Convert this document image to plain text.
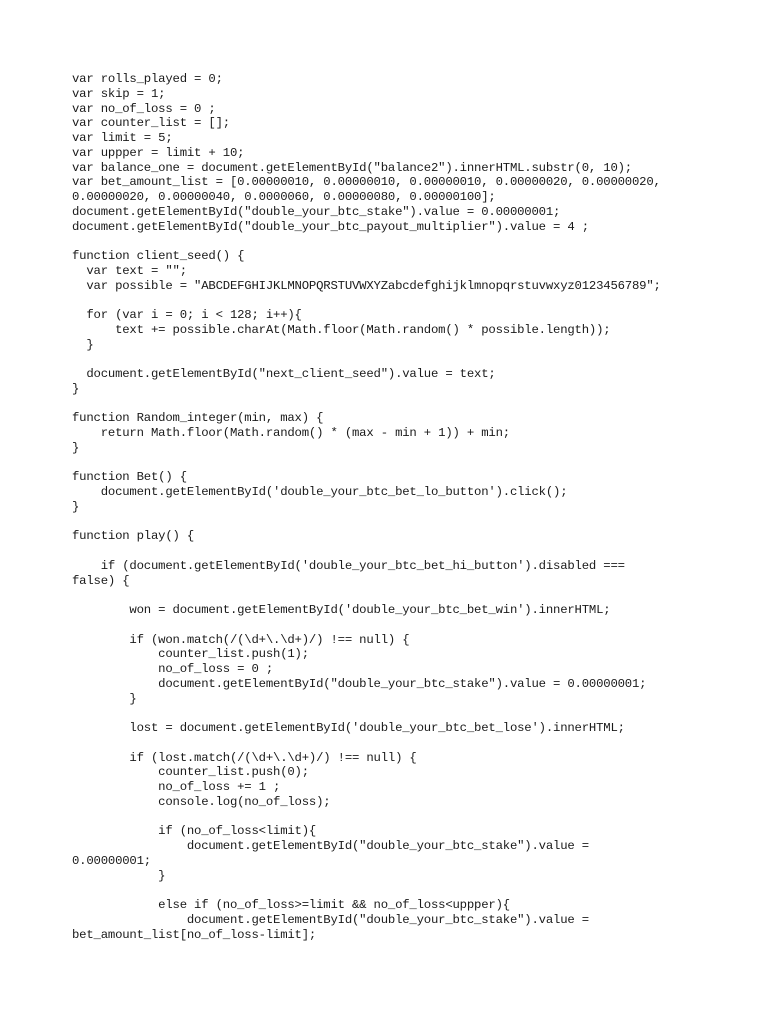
var rolls_played = 0;
var skip = 1;
var no_of_loss = 0 ;
var counter_list = [];
var limit = 5;
var uppper = limit + 10;
var balance_one = document.getElementById("balance2").innerHTML.substr(0, 10);
var bet_amount_list = [0.00000010, 0.00000010, 0.00000010, 0.00000020, 0.00000020,
0.00000020, 0.00000040, 0.0000060, 0.00000080, 0.00000100];
document.getElementById("double_your_btc_stake").value = 0.00000001;
document.getElementById("double_your_btc_payout_multiplier").value = 4 ;
function client_seed() {
var text = "";
var possible = "ABCDEFGHIJKLMNOPQRSTUVWXYZabcdefghijklmnopqrstuvwxyz0123456789";
for (var i = 0; i < 128; i++){
text += possible.charAt(Math.floor(Math.random() * possible.length));
}
document.getElementById("next_client_seed").value = text;
}
function Random_integer(min, max) {
return Math.floor(Math.random() * (max - min + 1)) + min;
}
function Bet() {
document.getElementById('double_your_btc_bet_lo_button').click();
}
function play() {
if (document.getElementById('double_your_btc_bet_hi_button').disabled ===
false) {
won = document.getElementById('double_your_btc_bet_win').innerHTML;
if (won.match(/(\d+\.\d+)/) !== null) {
counter_list.push(1);
no_of_loss = 0 ;
document.getElementById("double_your_btc_stake").value = 0.00000001;
}
lost = document.getElementById('double_your_btc_bet_lose').innerHTML;
if (lost.match(/(\d+\.\d+)/) !== null) {
counter_list.push(0);
no_of_loss += 1 ;
console.log(no_of_loss);
if (no_of_loss<limit){
document.getElementById("double_your_btc_stake").value =
0.00000001;
}
else if (no_of_loss>=limit && no_of_loss<uppper){
document.getElementById("double_your_btc_stake").value =
bet_amount_list[no_of_loss-limit];
